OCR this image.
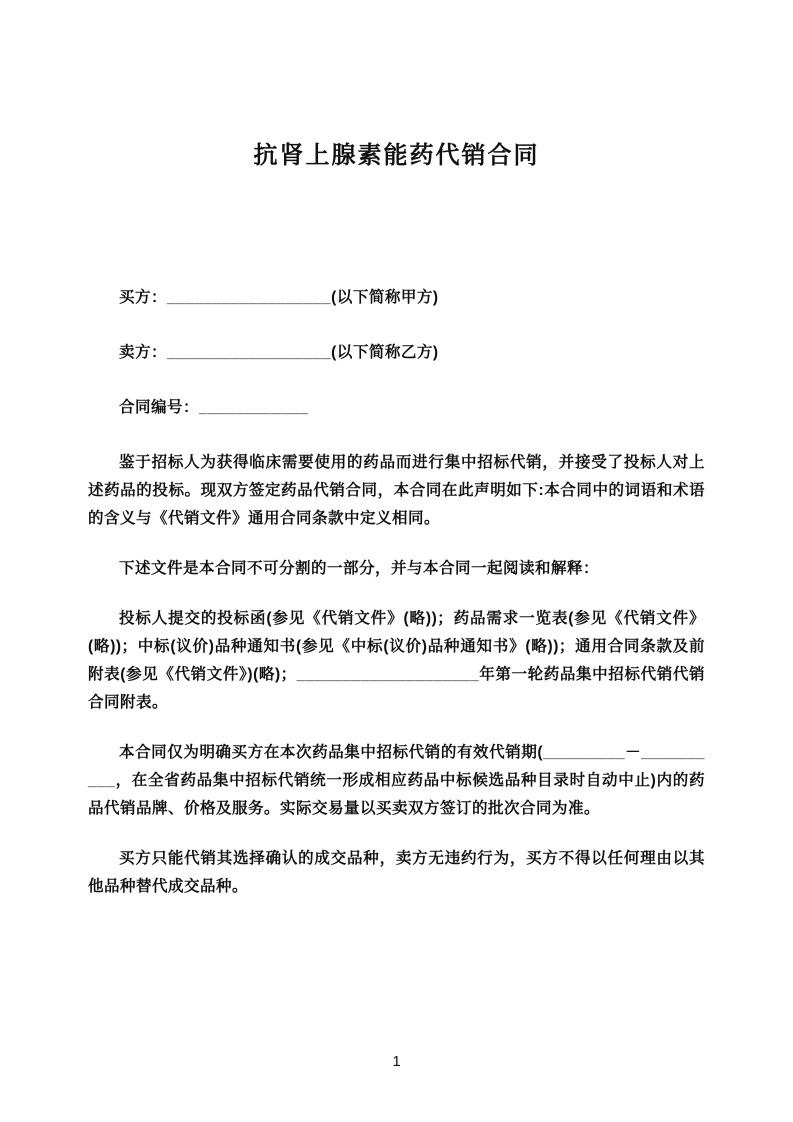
抗肾上腺素能药代销合同

买方：__________________(以下简称甲方)

卖方：__________________(以下简称乙方)

合同编号：____________

鉴于招标人为获得临床需要使用的药品而进行集中招标代销，并接受了投标人对上述药品的投标。现双方签定药品代销合同，本合同在此声明如下:本合同中的词语和术语的含义与《代销文件》通用合同条款中定义相同。

下述文件是本合同不可分割的一部分，并与本合同一起阅读和解释：

投标人提交的投标函(参见《代销文件》(略))；药品需求一览表(参见《代销文件》(略))；中标(议价)品种通知书(参见《中标(议价)品种通知书》(略))；通用合同条款及前附表(参见《代销文件》)(略)；____________________年第一轮药品集中招标代销代销合同附表。

本合同仅为明确买方在本次药品集中招标代销的有效代销期(_________－__________，在全省药品集中招标代销统一形成相应药品中标候选品种目录时自动中止)内的药品代销品牌、价格及服务。实际交易量以买卖双方签订的批次合同为准。

买方只能代销其选择确认的成交品种，卖方无违约行为，买方不得以任何理由以其他品种替代成交品种。

1
